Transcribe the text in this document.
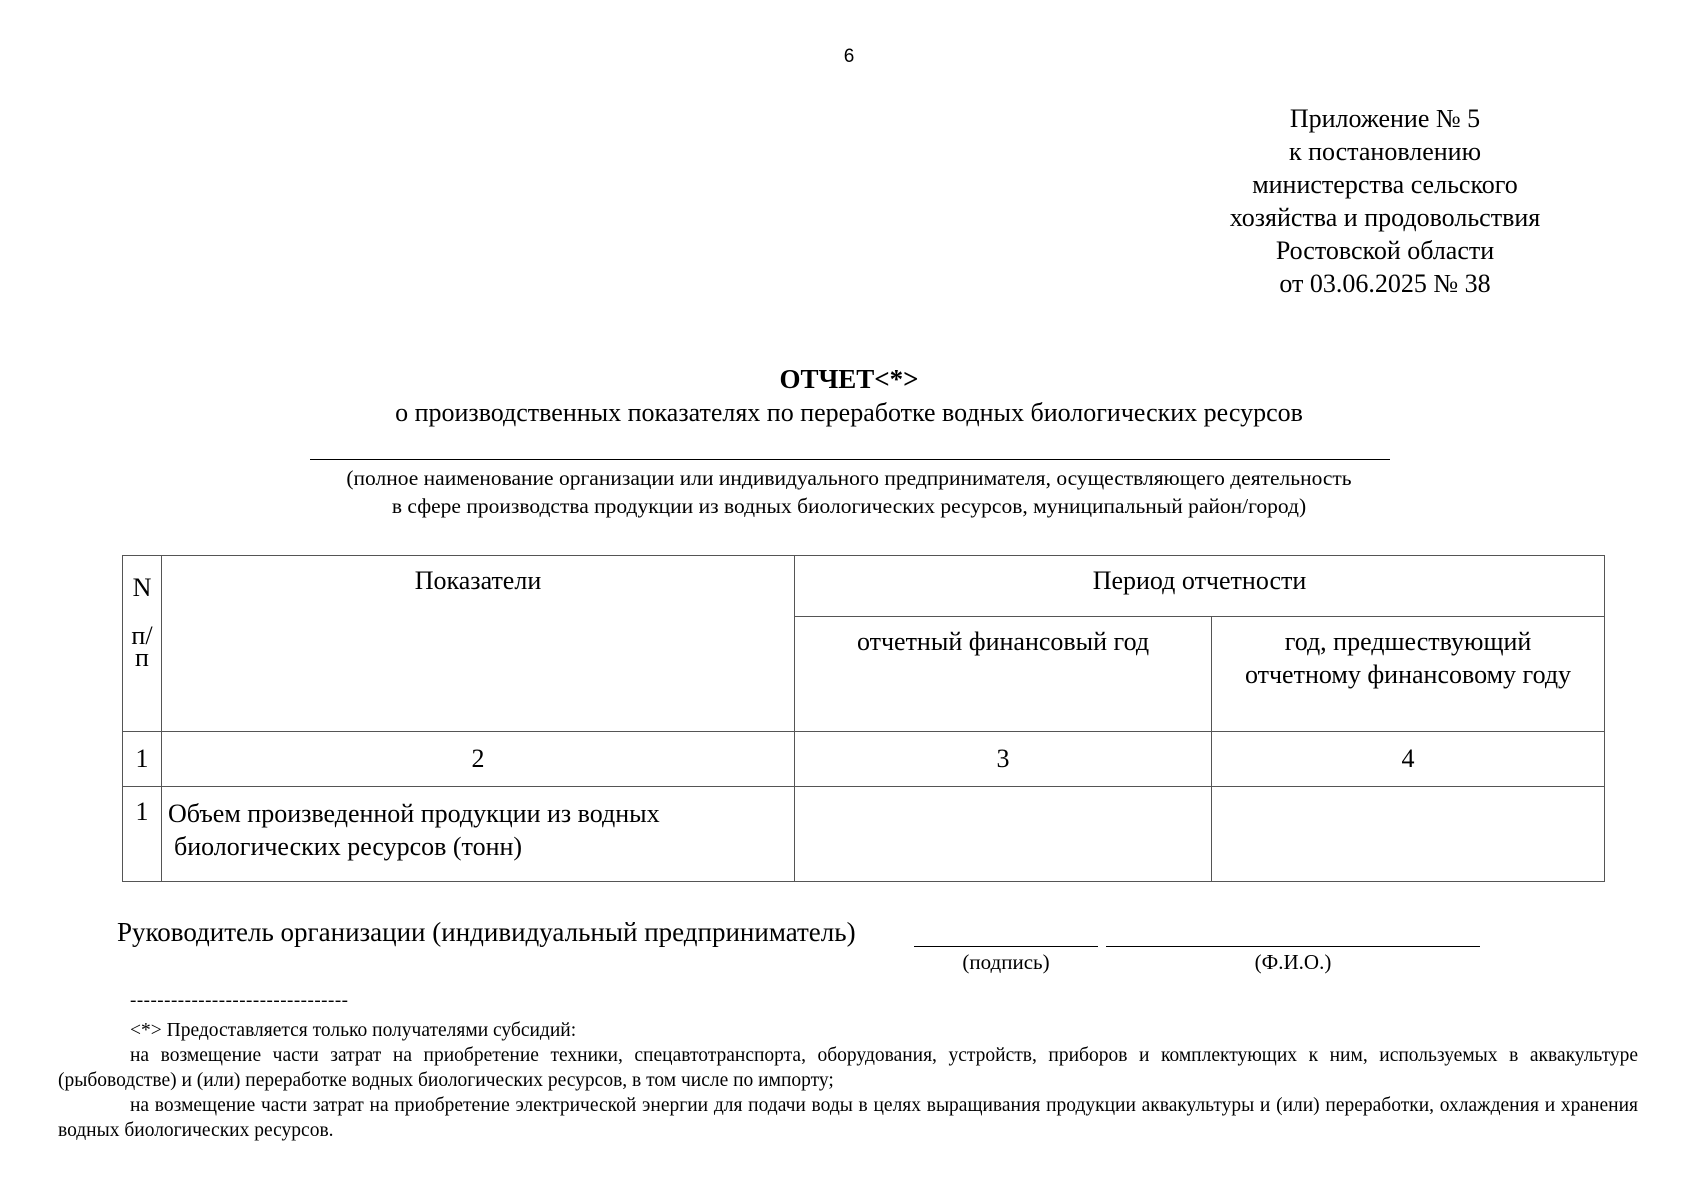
6
Приложение № 5
к постановлению
министерства сельского
хозяйства и продовольствия
Ростовской области
от 03.06.2025 № 38
ОТЧЕТ<*>
о производственных показателях по переработке водных биологических ресурсов
(полное наименование организации или индивидуального предпринимателя, осуществляющего деятельность
в сфере производства продукции из водных биологических ресурсов, муниципальный район/город)
N
п/
п	Показатели	Период отчетности	
		отчетный финансовый год	год, предшествующий
отчетному финансовому году

1	2	3	4
1	Объем произведенной продукции из водных
биологических ресурсов (тонн)		

Руководитель организации (индивидуальный предприниматель)
(подпись)	(Ф.И.О.)
--------------------------------

<*> Предоставляется только получателями субсидий:

на возмещение части затрат на приобретение техники, спецавтотранспорта, оборудования, устройств, приборов и комплектующих к ним, используемых в аквакультуре (рыбоводстве) и (или) переработке водных биологических ресурсов, в том числе по импорту;

на возмещение части затрат на приобретение электрической энергии для подачи воды в целях выращивания продукции аквакультуры и (или) переработки, охлаждения и хранения водных биологических ресурсов.
